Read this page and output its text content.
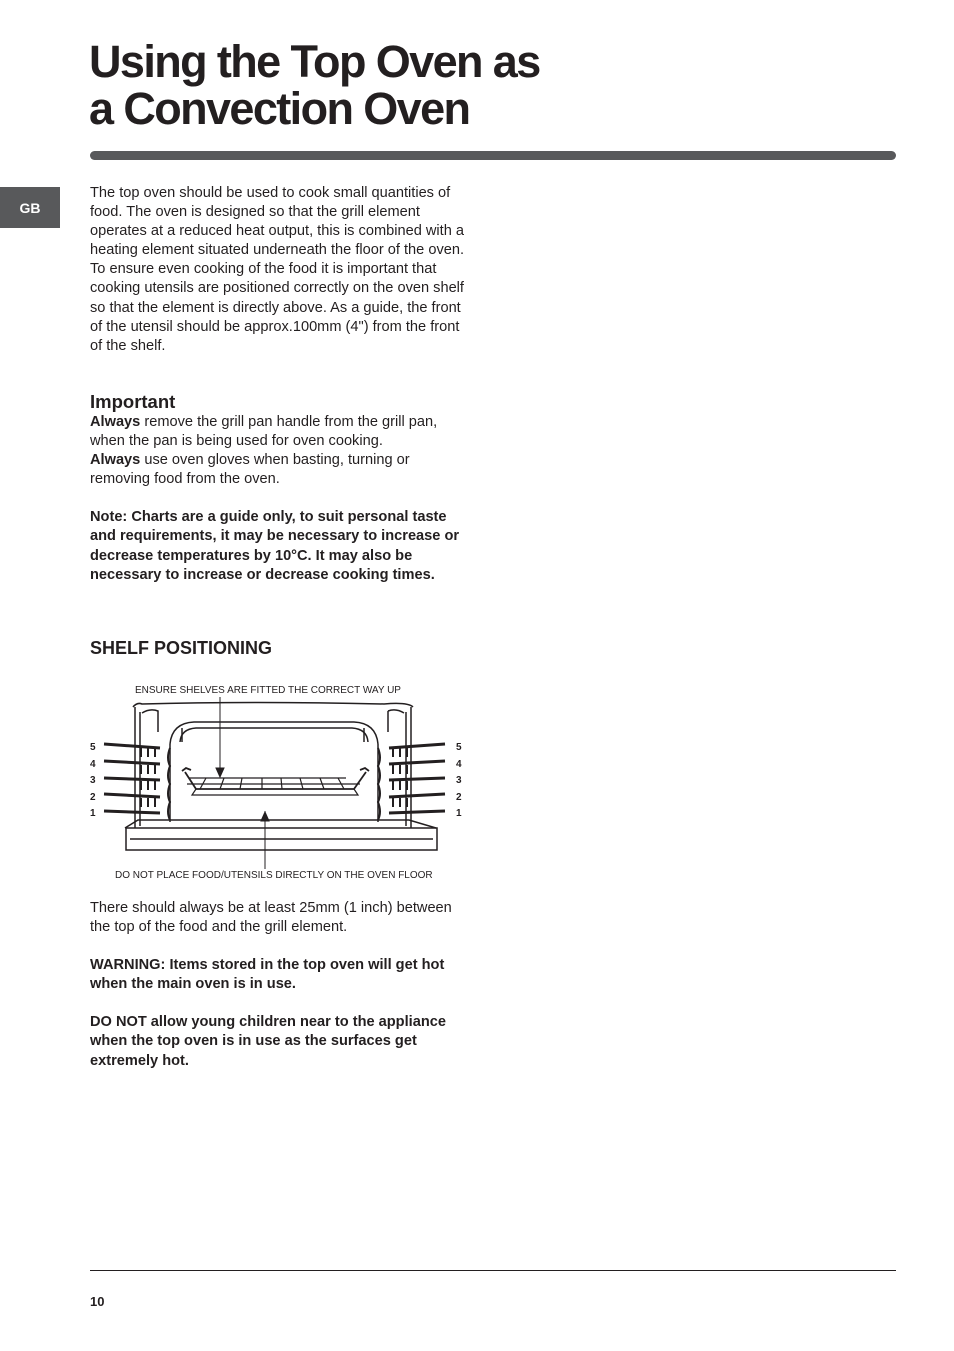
Using the Top Oven as
a Convection Oven
GB

The top oven should be used to cook small quantities of food. The oven is designed so that the grill element operates at a reduced heat output, this is combined with a heating element situated underneath the floor of the oven. To ensure even cooking of the food it is important that cooking utensils are positioned correctly on the oven shelf so that the element is directly above. As a guide, the front of the utensil should be approx.100mm (4") from the front of the shelf.

Important

Always remove the grill pan handle from the grill pan, when the pan is being used for oven cooking.

Always use oven gloves when basting, turning or removing food from the oven.

Note: Charts are a guide only, to suit personal taste and requirements, it may be necessary to increase or decrease temperatures by 10°C. It may also be necessary to increase or decrease cooking times.

SHELF POSITIONING
ENSURE SHELVES ARE FITTED THE CORRECT WAY UP
DO NOT PLACE FOOD/UTENSILS DIRECTLY ON THE OVEN FLOOR
5
4
3
2
1
5
4
3
2
1

There should always be at least 25mm (1 inch) between the top of the food and the grill element.

WARNING: Items stored in the top oven will get hot when the main oven is in use.

DO NOT allow young children near to the appliance when the top oven is in use as the surfaces get extremely hot.

10
